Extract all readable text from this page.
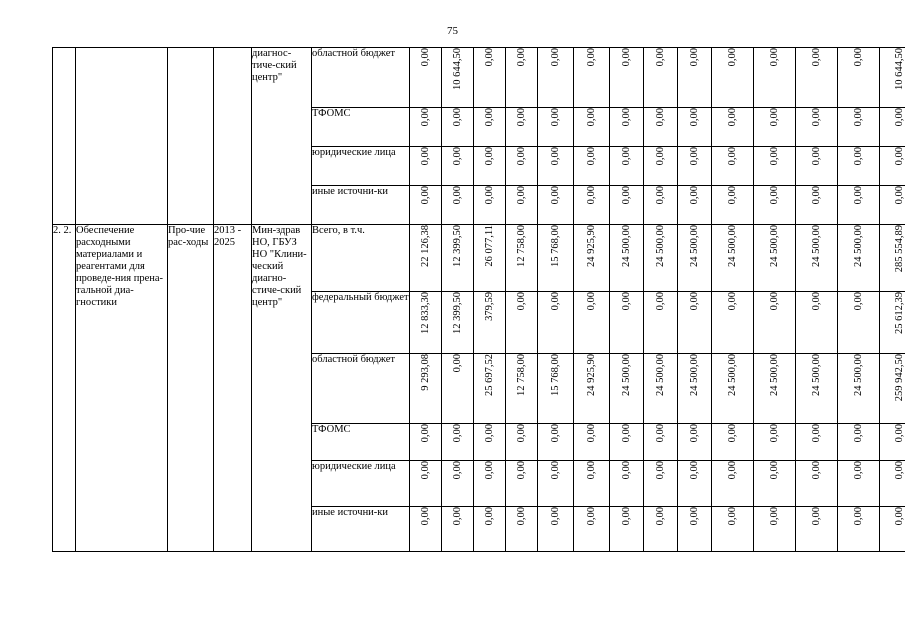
75
				диагнос-тиче-ский центр"	областной бюджет	0,00	10 644,50	0,00	0,00	0,00	0,00	0,00	0,00	0,00	0,00	0,00	0,00	0,00	10 644,50
					ТФОМС	0,00	0,00	0,00	0,00	0,00	0,00	0,00	0,00	0,00	0,00	0,00	0,00	0,00	0,00
					юридические лица	0,00	0,00	0,00	0,00	0,00	0,00	0,00	0,00	0,00	0,00	0,00	0,00	0,00	0,00
					иные источни-ки	0,00	0,00	0,00	0,00	0,00	0,00	0,00	0,00	0,00	0,00	0,00	0,00	0,00	0,00
2. 2.	Обеспечение расходными материалами и реагентами для проведе-ния прена-тальной диа-гностики	Про-чие рас-ходы	2013 - 2025	Мин-здрав НО, ГБУЗ НО "Клини-ческий диагно-стиче-ский центр"	Всего, в т.ч.	22 126,38	12 399,50	26 077,11	12 758,00	15 768,00	24 925,90	24 500,00	24 500,00	24 500,00	24 500,00	24 500,00	24 500,00	24 500,00	285 554,89
					федеральный бюджет	12 833,30	12 399,50	379,59	0,00	0,00	0,00	0,00	0,00	0,00	0,00	0,00	0,00	0,00	25 612,39
					областной бюджет	9 293,08	0,00	25 697,52	12 758,00	15 768,00	24 925,90	24 500,00	24 500,00	24 500,00	24 500,00	24 500,00	24 500,00	24 500,00	259 942,50
					ТФОМС	0,00	0,00	0,00	0,00	0,00	0,00	0,00	0,00	0,00	0,00	0,00	0,00	0,00	0,00
					юридические лица	0,00	0,00	0,00	0,00	0,00	0,00	0,00	0,00	0,00	0,00	0,00	0,00	0,00	0,00
					иные источни-ки	0,00	0,00	0,00	0,00	0,00	0,00	0,00	0,00	0,00	0,00	0,00	0,00	0,00	0,00
